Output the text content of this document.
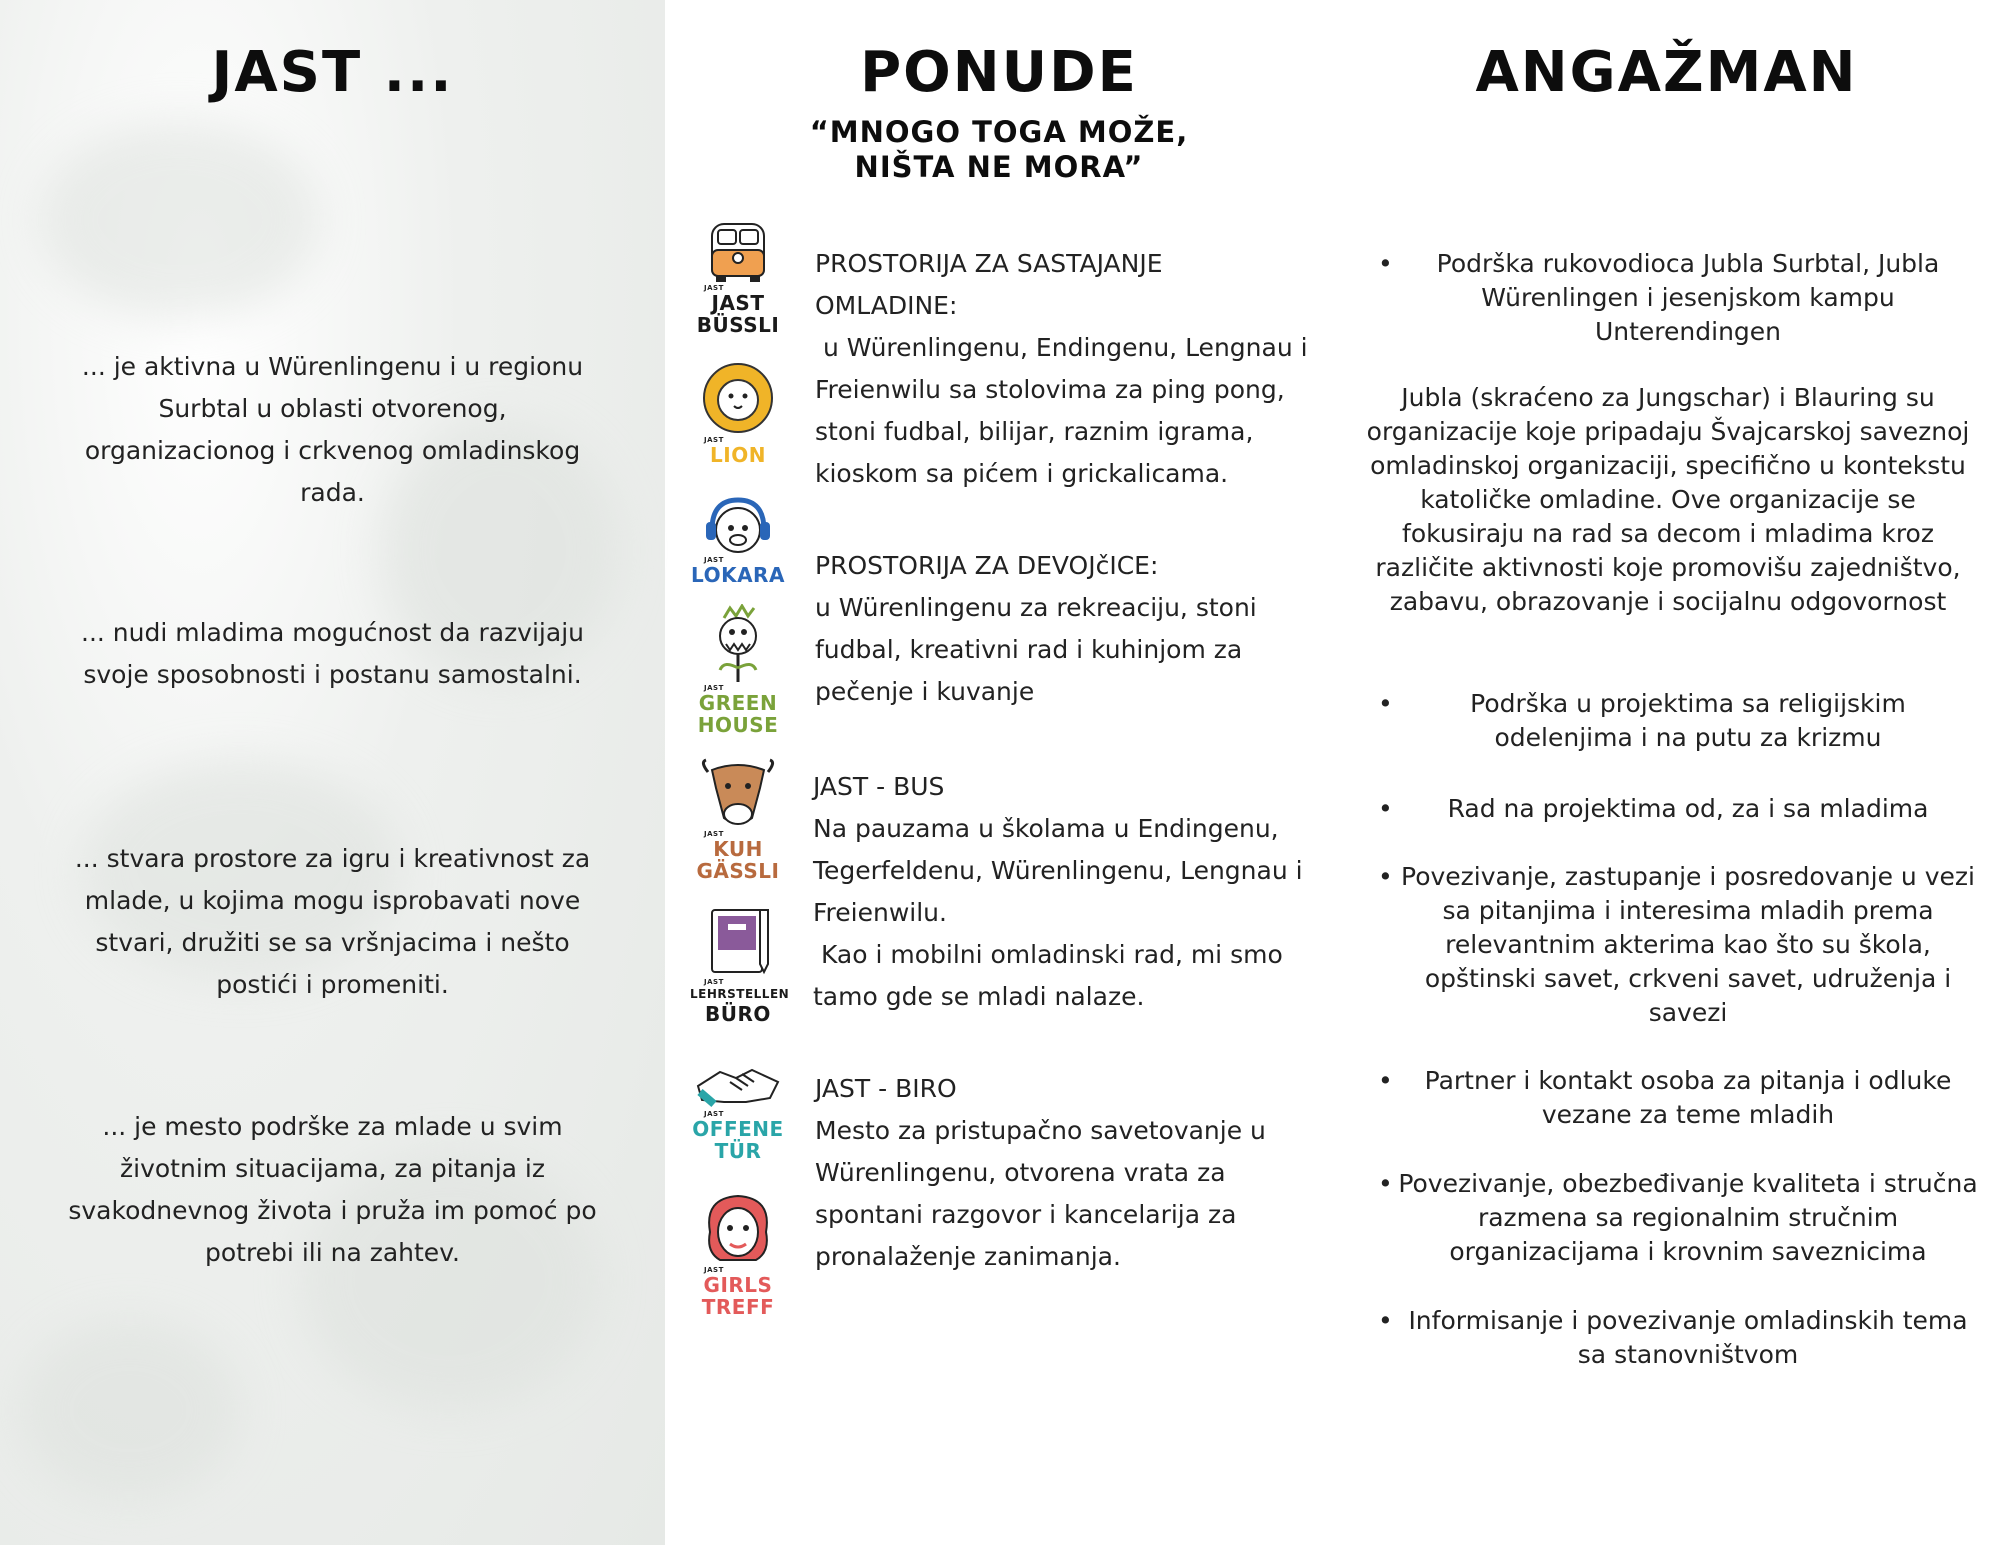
JAST ...	PONUDE
“MNOGO TOGA MOŽE,
NIŠTA NE MORA”
ANGAŽMAN

... je aktivna u Würenlingenu i u regionu Surbtal u oblasti otvorenog, organizacionog i crkvenog omladinskog rada.

... nudi mladima mogućnost da razvijaju svoje sposobnosti i postanu samostalni.

... stvara prostore za igru i kreativnost za mlade, u kojima mogu isprobavati nove stvari, družiti se sa vršnjacima i nešto postići i promeniti.

... je mesto podrške za mlade u svim životnim situacijama, za pitanja iz svakodnevnog života i pruža im pomoć po potrebi ili na zahtev.

JAST
JAST
BÜSSLI
JAST
LION
JAST
LOKARA
JAST
GREEN
HOUSE
JAST
KUH
GÄSSLI
JAST
LEHRSTELLEN
BÜRO
JAST
OFFENE
TÜR
JAST
GIRLS
TREFF

PROSTORIJA ZA SASTAJANJE
OMLADINE:
u Würenlingenu, Endingenu, Lengnau i
Freienwilu sa stolovima za ping pong,
stoni fudbal, bilijar, raznim igrama,
kioskom sa pićem i grickalicama.

PROSTORIJA ZA DEVOJčICE:
u Würenlingenu za rekreaciju, stoni
fudbal, kreativni rad i kuhinjom za
pečenje i kuvanje

JAST - BUS
Na pauzama u školama u Endingenu,
Tegerfeldenu, Würenlingenu, Lengnau i
Freienwilu.
Kao i mobilni omladinski rad, mi smo
tamo gde se mladi nalaze.

JAST - BIRO
Mesto za pristupačno savetovanje u
Würenlingenu, otvorena vrata za
spontani razgovor i kancelarija za
pronalaženje zanimanja.

•	Podrška rukovodioca Jubla Surbtal, Jubla Würenlingen i jesenjskom kampu Unterendingen

Jubla (skraćeno za Jungschar) i Blauring su organizacije koje pripadaju Švajcarskoj saveznoj omladinskoj organizaciji, specifično u kontekstu katoličke omladine. Ove organizacije se fokusiraju na rad sa decom i mladima kroz različite aktivnosti koje promovišu zajedništvo, zabavu, obrazovanje i socijalnu odgovornost

•	Podrška u projektima sa religijskim odelenjima i na putu za krizmu
•	Rad na projektima od, za i sa mladima
• Povezivanje, zastupanje i posredovanje u vezi sa pitanjima i interesima mladih prema relevantnim akterima kao što su škola, opštinski savet, crkveni savet, udruženja i savezi
•	Partner i kontakt osoba za pitanja i odluke vezane za teme mladih
• Povezivanje, obezbeđivanje kvaliteta i stručna razmena sa regionalnim stručnim organizacijama i krovnim saveznicima
• Informisanje i povezivanje omladinskih tema sa stanovništvom
